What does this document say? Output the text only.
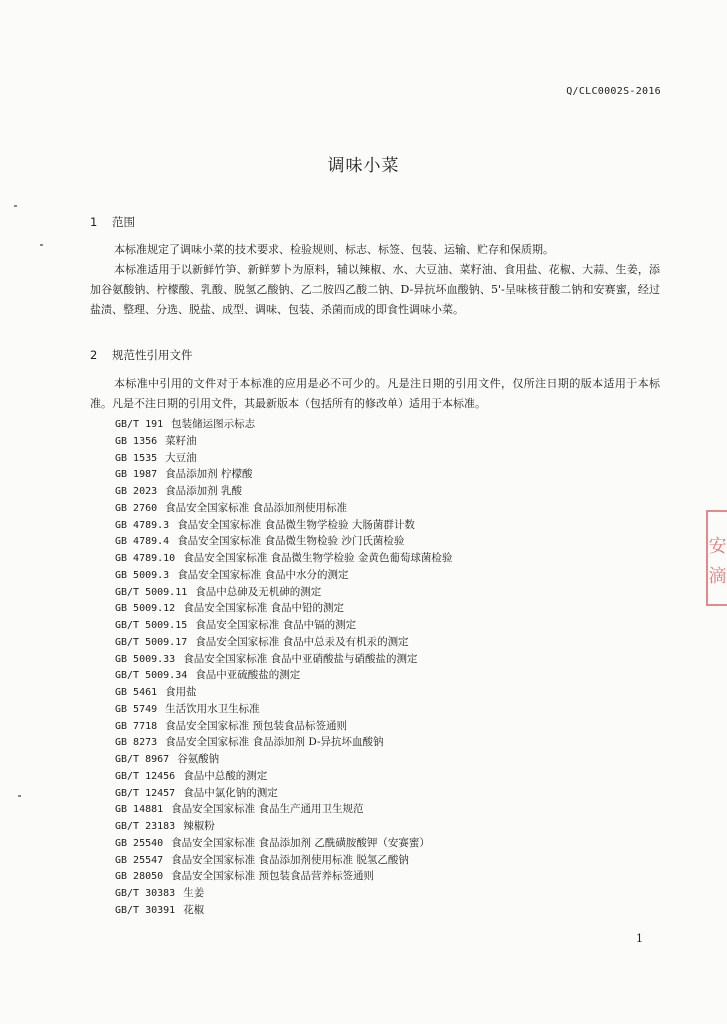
Q/CLC0002S-2016
调味小菜
1 范围
本标准规定了调味小菜的技术要求、检验规则、标志、标签、包装、运输、贮存和保质期。
本标准适用于以新鲜竹笋、新鲜萝卜为原料，辅以辣椒、水、大豆油、菜籽油、食用盐、花椒、大蒜、生姜，添加谷氨酸钠、柠檬酸、乳酸、脱氢乙酸钠、乙二胺四乙酸二钠、D-异抗坏血酸钠、5'-呈味核苷酸二钠和安赛蜜，经过盐渍、整理、分选、脱盐、成型、调味、包装、杀菌而成的即食性调味小菜。
2 规范性引用文件
本标准中引用的文件对于本标准的应用是必不可少的。凡是注日期的引用文件，仅所注日期的版本适用于本标准。凡是不注日期的引用文件，其最新版本（包括所有的修改单）适用于本标准。
GB/T 191 包装储运图示标志
GB 1356 菜籽油
GB 1535 大豆油
GB 1987 食品添加剂 柠檬酸
GB 2023 食品添加剂 乳酸
GB 2760 食品安全国家标准 食品添加剂使用标准
GB 4789.3 食品安全国家标准 食品微生物学检验 大肠菌群计数
GB 4789.4 食品安全国家标准 食品微生物检验 沙门氏菌检验
GB 4789.10 食品安全国家标准 食品微生物学检验 金黄色葡萄球菌检验
GB 5009.3 食品安全国家标准 食品中水分的测定
GB/T 5009.11 食品中总砷及无机砷的测定
GB 5009.12 食品安全国家标准 食品中铅的测定
GB/T 5009.15 食品安全国家标准 食品中镉的测定
GB/T 5009.17 食品安全国家标准 食品中总汞及有机汞的测定
GB 5009.33 食品安全国家标准 食品中亚硝酸盐与硝酸盐的测定
GB/T 5009.34 食品中亚硫酸盐的测定
GB 5461 食用盐
GB 5749 生活饮用水卫生标准
GB 7718 食品安全国家标准 预包装食品标签通则
GB 8273 食品安全国家标准 食品添加剂 D-异抗坏血酸钠
GB/T 8967 谷氨酸钠
GB/T 12456 食品中总酸的测定
GB/T 12457 食品中氯化钠的测定
GB 14881 食品安全国家标准 食品生产通用卫生规范
GB/T 23183 辣椒粉
GB 25540 食品安全国家标准 食品添加剂 乙酰磺胺酸钾（安赛蜜）
GB 25547 食品安全国家标准 食品添加剂使用标准 脱氢乙酸钠
GB 28050 食品安全国家标准 预包装食品营养标签通则
GB/T 30383 生姜
GB/T 30391 花椒
1
安
滴
